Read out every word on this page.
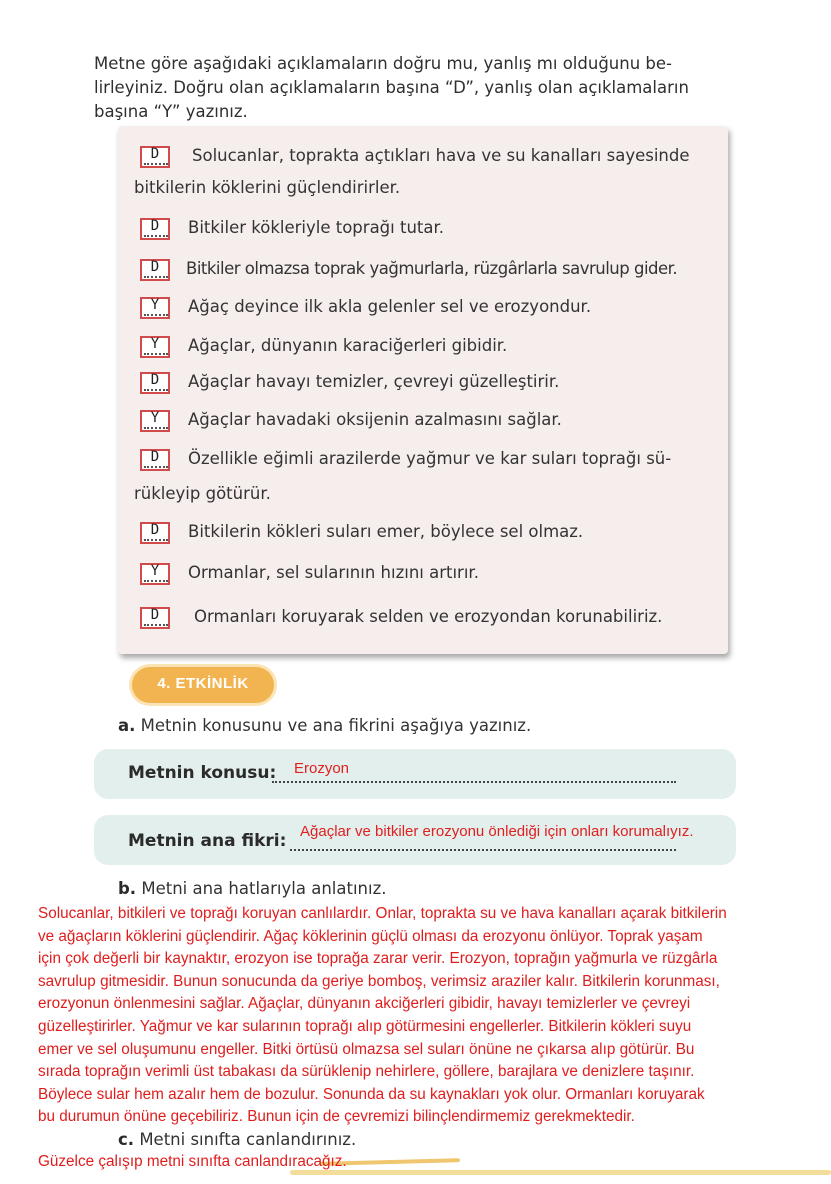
Metne göre aşağıdaki açıklamaların doğru mu, yanlış mı olduğunu be-
lirleyiniz. Doğru olan açıklamaların başına “D”, yanlış olan açıklamaların
başına “Y” yazınız.
D	Solucanlar, toprakta açtıkları hava ve su kanalları sayesinde
bitkilerin köklerini güçlendirirler.
D	Bitkiler kökleriyle toprağı tutar.
D	Bitkiler olmazsa toprak yağmurlarla, rüzgârlarla savrulup gider.
Y	Ağaç deyince ilk akla gelenler sel ve erozyondur.
Y	Ağaçlar, dünyanın karaciğerleri gibidir.
D	Ağaçlar havayı temizler, çevreyi güzelleştirir.
Y	Ağaçlar havadaki oksijenin azalmasını sağlar.
D	Özellikle eğimli arazilerde yağmur ve kar suları toprağı sü-
rükleyip götürür.
D	Bitkilerin kökleri suları emer, böylece sel olmaz.
Y	Ormanlar, sel sularının hızını artırır.
D	Ormanları koruyarak selden ve erozyondan korunabiliriz.
4. ETKİNLİK
a. Metnin konusunu ve ana fikrini aşağıya yazınız.
Metnin konusu: Erozyon
Metnin ana fikri: Ağaçlar ve bitkiler erozyonu önlediği için onları korumalıyız.
b. Metni ana hatlarıyla anlatınız.
Solucanlar, bitkileri ve toprağı koruyan canlılardır. Onlar, toprakta su ve hava kanalları açarak bitkilerin
ve ağaçların köklerini güçlendirir. Ağaç köklerinin güçlü olması da erozyonu önlüyor. Toprak yaşam
için çok değerli bir kaynaktır, erozyon ise toprağa zarar verir. Erozyon, toprağın yağmurla ve rüzgârla
savrulup gitmesidir. Bunun sonucunda da geriye bomboş, verimsiz araziler kalır. Bitkilerin korunması,
erozyonun önlenmesini sağlar. Ağaçlar, dünyanın akciğerleri gibidir, havayı temizlerler ve çevreyi
güzelleştirirler. Yağmur ve kar sularının toprağı alıp götürmesini engellerler. Bitkilerin kökleri suyu
emer ve sel oluşumunu engeller. Bitki örtüsü olmazsa sel suları önüne ne çıkarsa alıp götürür. Bu
sırada toprağın verimli üst tabakası da sürüklenip nehirlere, göllere, barajlara ve denizlere taşınır.
Böylece sular hem azalır hem de bozulur. Sonunda da su kaynakları yok olur. Ormanları koruyarak
bu durumun önüne geçebiliriz. Bunun için de çevremizi bilinçlendirmemiz gerekmektedir.
c. Metni sınıfta canlandırınız.
Güzelce çalışıp metni sınıfta canlandıracağız.
